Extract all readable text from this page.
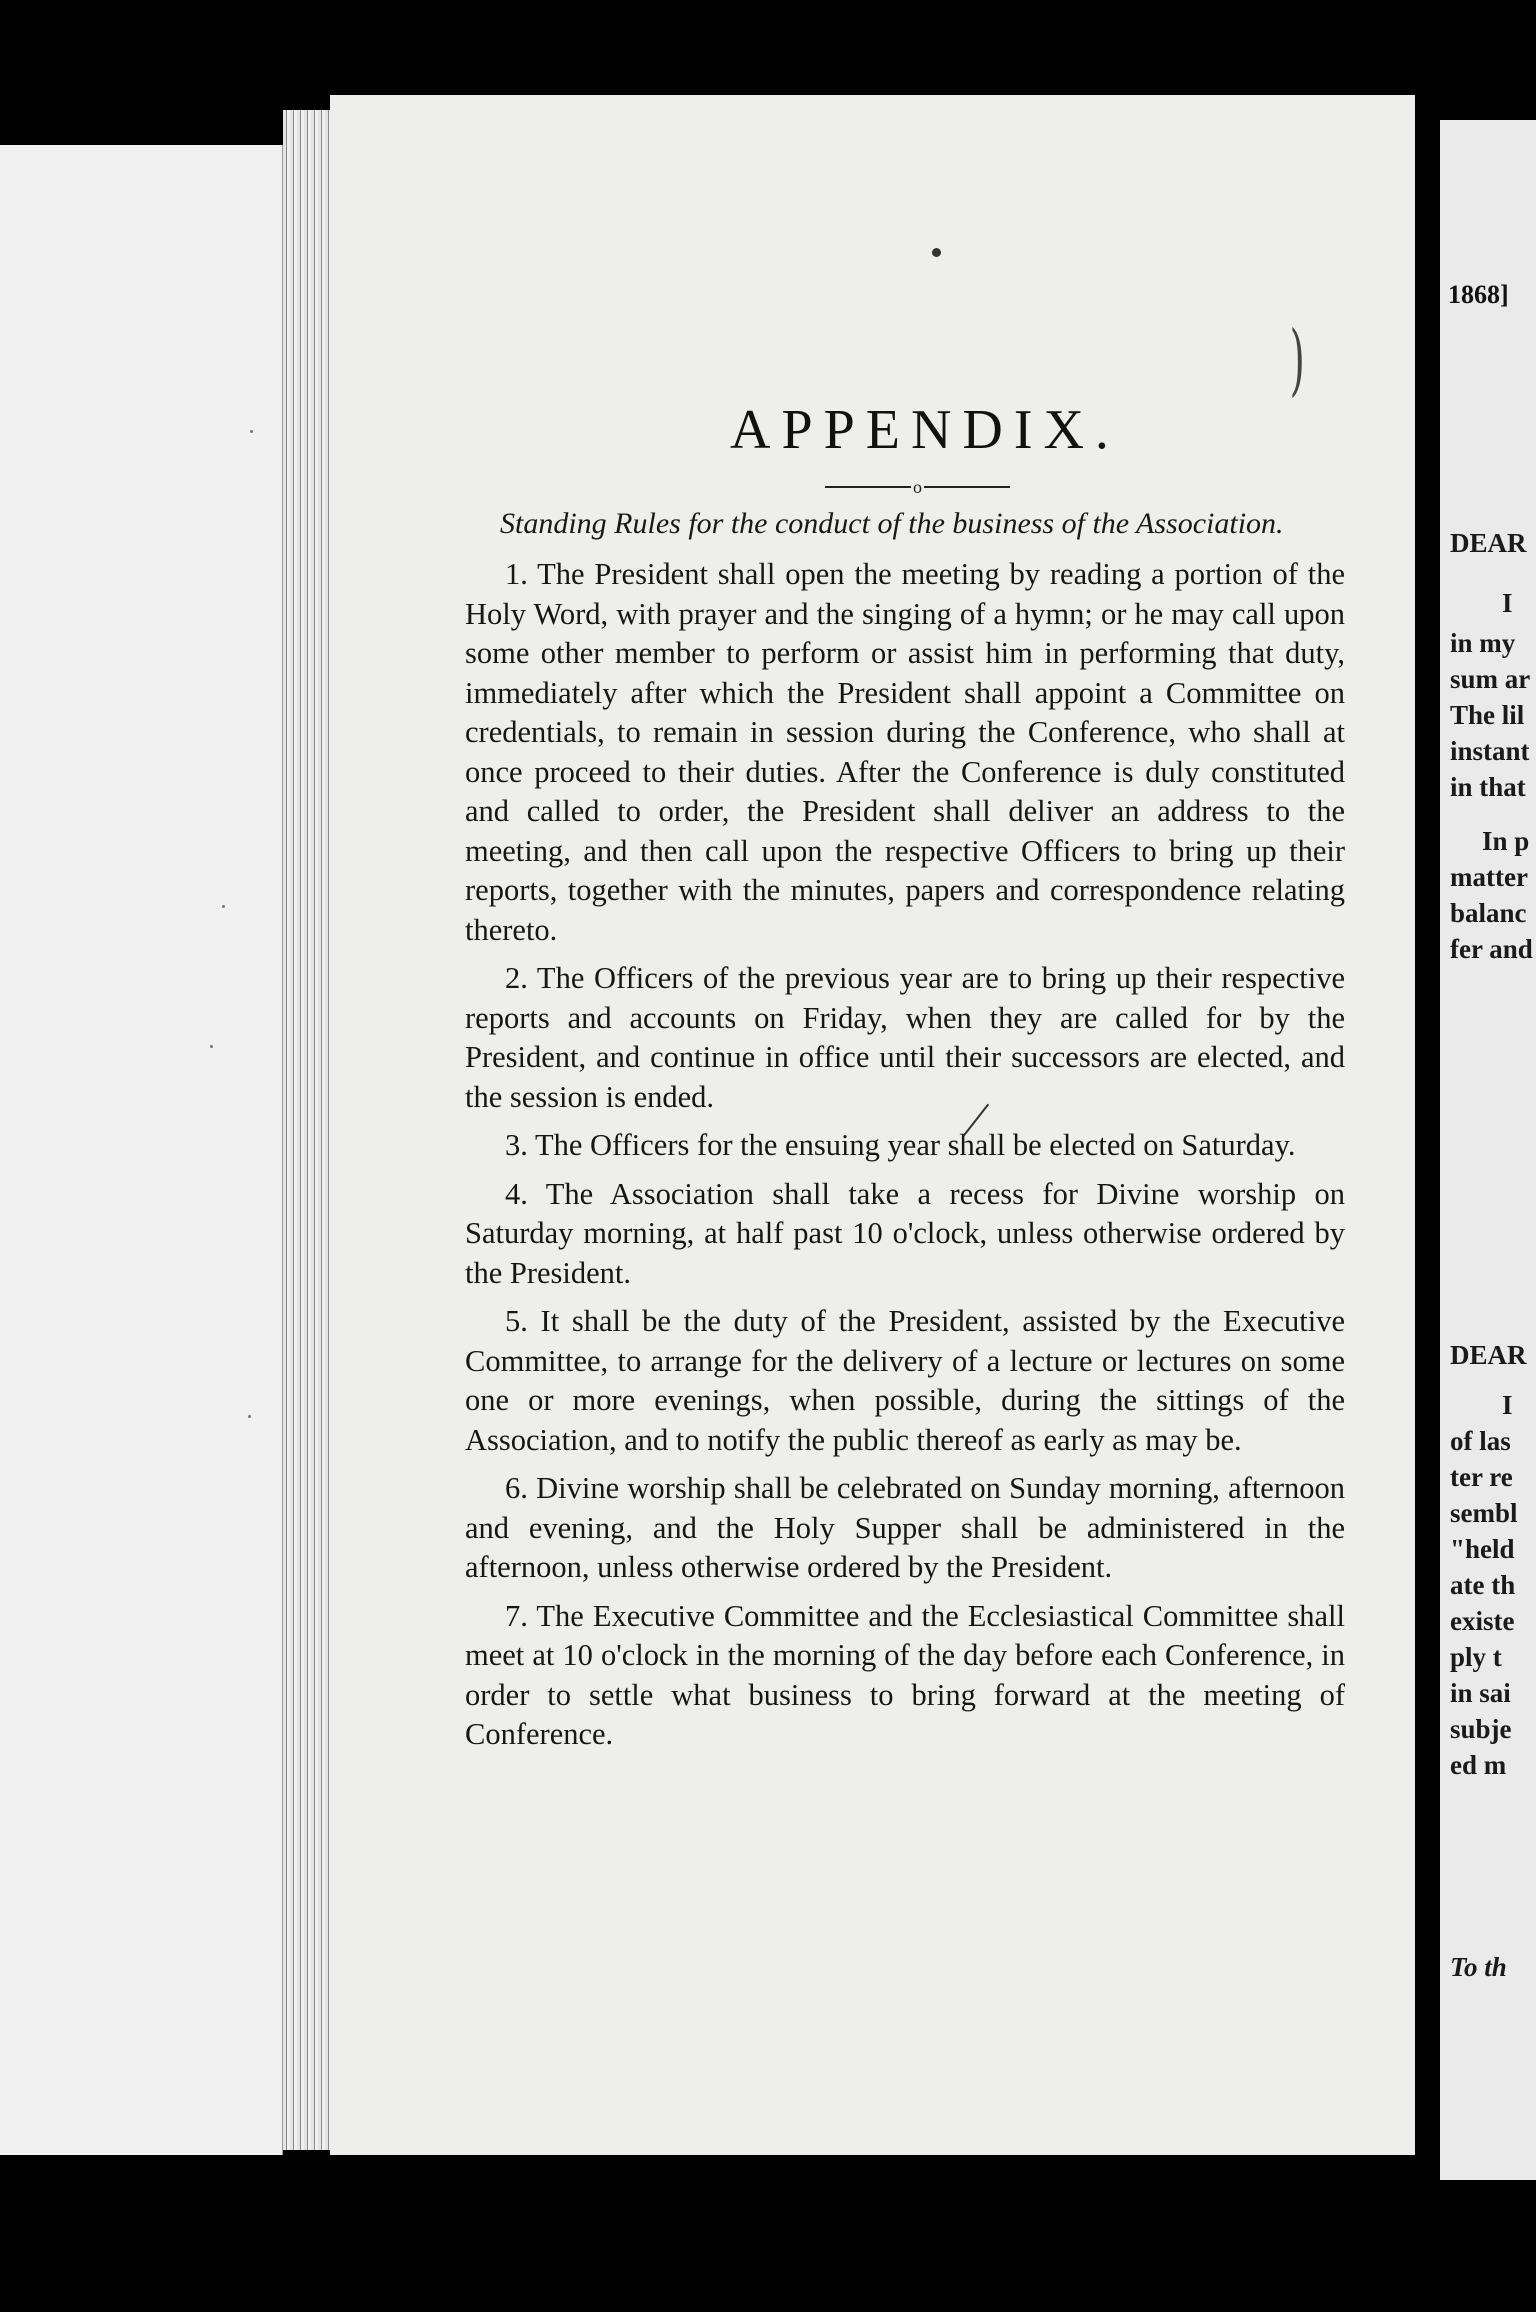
DEAR
I
in my
sum ar
The lil
instant
in that
In p
matter
balanc
fer and
DEAR
I
of las
ter re
sembl
"held
ate th
existe
ply t
in sai
subje
ed m
To th
1868]
)
APPENDIX.
o

Standing Rules for the conduct of the business of the Association.

1. The President shall open the meeting by reading a portion of the Holy Word, with prayer and the singing of a hymn; or he may call upon some other member to perform or assist him in performing that duty, immediately after which the President shall appoint a Committee on credentials, to remain in session during the Conference, who shall at once proceed to their duties. After the Conference is duly constituted and called to order, the President shall deliver an address to the meeting, and then call upon the respective Officers to bring up their reports, together with the minutes, papers and correspondence relating thereto.

2. The Officers of the previous year are to bring up their respective reports and accounts on Friday, when they are called for by the President, and continue in office until their successors are elected, and the session is ended.

3. The Officers for the ensuing year shall be elected on Saturday.

4. The Association shall take a recess for Divine worship on Saturday morning, at half past 10 o'clock, unless otherwise ordered by the President.

5. It shall be the duty of the President, assisted by the Executive Committee, to arrange for the delivery of a lecture or lectures on some one or more evenings, when possible, during the sittings of the Association, and to notify the public thereof as early as may be.

6. Divine worship shall be celebrated on Sunday morning, afternoon and evening, and the Holy Supper shall be administered in the afternoon, unless otherwise ordered by the President.

7. The Executive Committee and the Ecclesiastical Committee shall meet at 10 o'clock in the morning of the day before each Conference, in order to settle what business to bring forward at the meeting of Conference.
